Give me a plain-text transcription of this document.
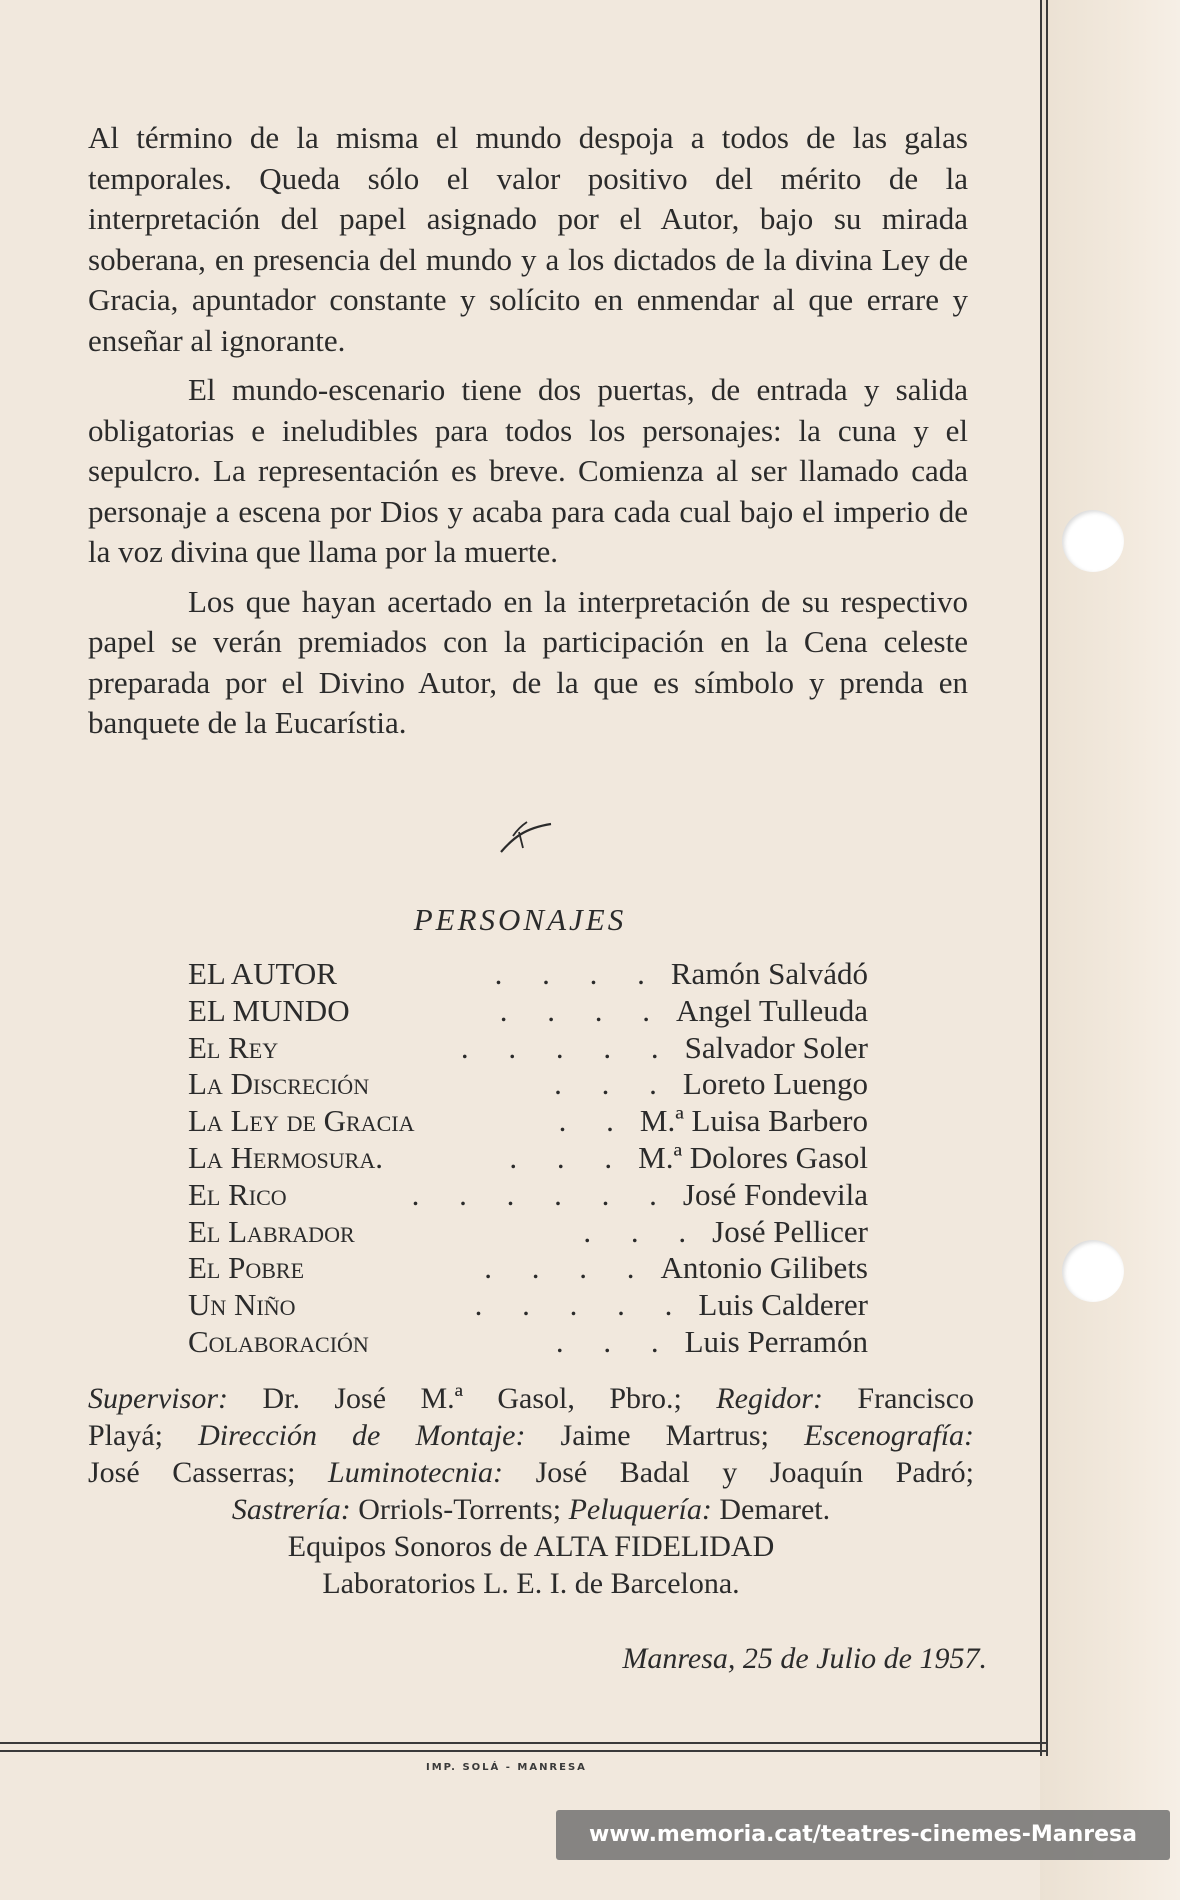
Al término de la misma el mundo despoja a todos de las galas temporales. Queda sólo el valor positivo del mérito de la interpretación del papel asignado por el Autor, bajo su mirada soberana, en presencia del mundo y a los dictados de la divina Ley de Gracia, apuntador constante y solícito en enmendar al que errare y enseñar al ignorante.

El mundo-escenario tiene dos puertas, de entrada y salida obligatorias e ineludibles para todos los personajes: la cuna y el sepulcro. La representación es breve. Comienza al ser llamado cada personaje a escena por Dios y acaba para cada cual bajo el imperio de la voz divina que llama por la muerte.

Los que hayan acertado en la interpretación de su respectivo papel se verán premiados con la participación en la Cena celeste preparada por el Divino Autor, de la que es símbolo y prenda en banquete de la Eucarístia.

PERSONAJES
EL AUTOR	. . . . Ramón Salvádó
EL MUNDO	. . . . Angel Tulleuda
El Rey	. . . . . Salvador Soler
La Discreción	. . . Loreto Luengo
La Ley de Gracia	. . M.ª Luisa Barbero
La Hermosura.	. . . M.ª Dolores Gasol
El Rico	. . . . . . José Fondevila
El Labrador	. . . José Pellicer
El Pobre	. . . . Antonio Gilibets
Un Niño	. . . . . Luis Calderer
Colaboración	. . . Luis Perramón
Supervisor: Dr. José M.ª Gasol, Pbro.; Regidor: Francisco
Playá; Dirección de Montaje: Jaime Martrus; Escenografía:
José Casserras; Luminotecnia: José Badal y Joaquín Padró;
Sastrería: Orriols-Torrents; Peluquería: Demaret.
Equipos Sonoros de ALTA FIDELIDAD
Laboratorios L. E. I. de Barcelona.
Manresa, 25 de Julio de 1957.
IMP. SOLÁ - MANRESA
www.memoria.cat/teatres-cinemes-Manresa
